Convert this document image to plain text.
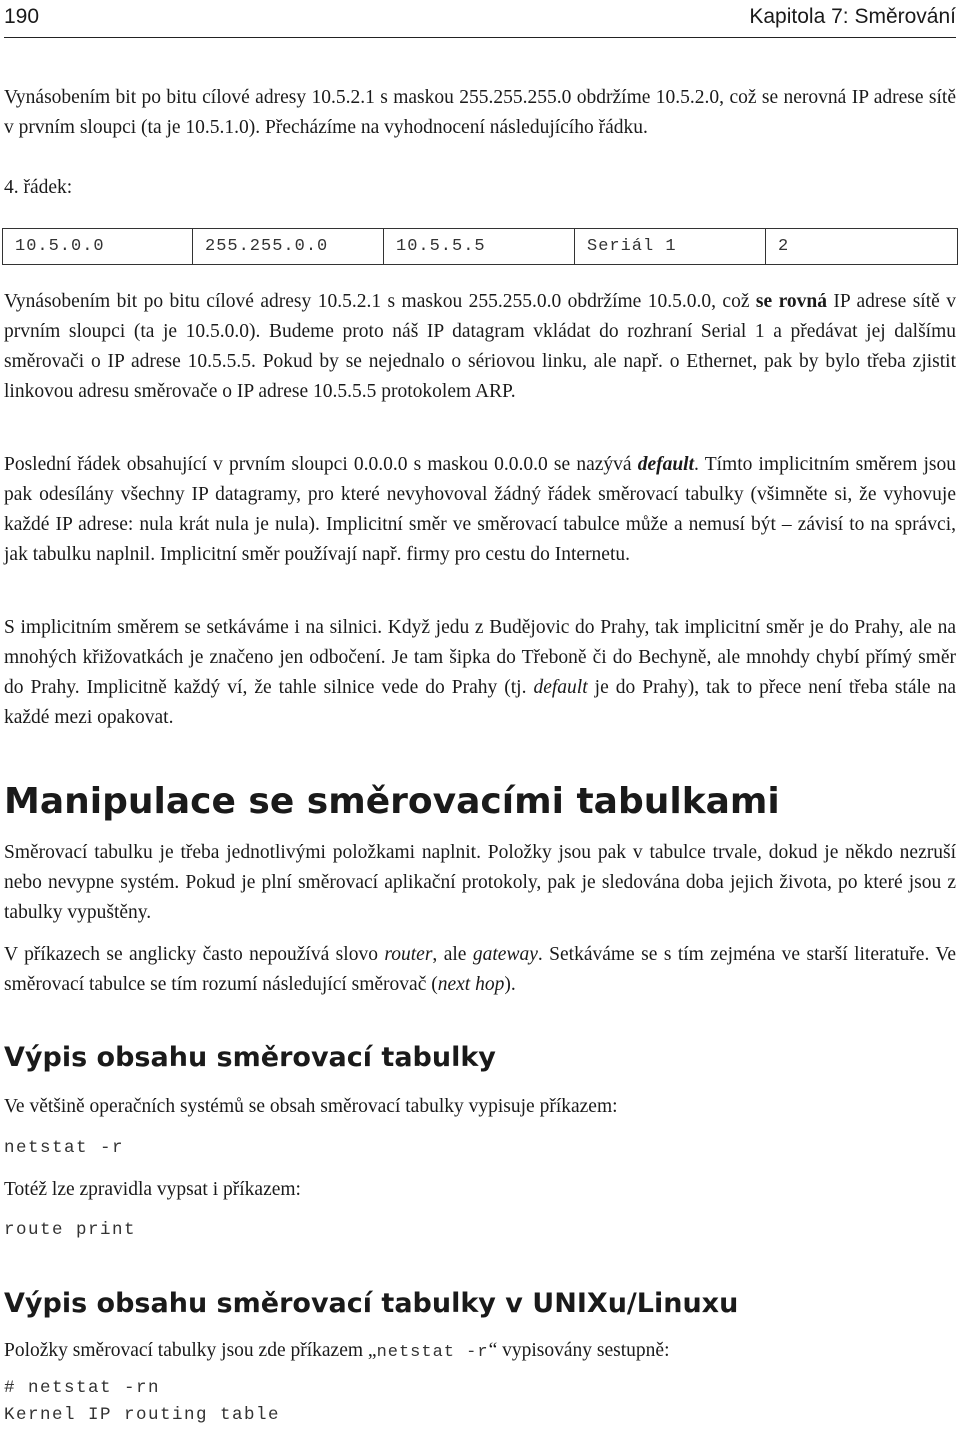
190	Kapitola 7: Směrování

Vynásobením bit po bitu cílové adresy 10.5.2.1 s maskou 255.255.255.0 obdržíme 10.5.2.0, což se nerovná IP adrese sítě v prvním sloupci (ta je 10.5.1.0). Přecházíme na vyhodnocení následujícího řádku.

4. řádek:

10.5.0.0	255.255.0.0	10.5.5.5	Seriál 1	2

Vynásobením bit po bitu cílové adresy 10.5.2.1 s maskou 255.255.0.0 obdržíme 10.5.0.0, což se rovná IP adrese sítě v prvním sloupci (ta je 10.5.0.0). Budeme proto náš IP datagram vkládat do rozhraní Serial 1 a předávat jej dalšímu směrovači o IP adrese 10.5.5.5. Pokud by se nejednalo o sériovou linku, ale např. o Ethernet, pak by bylo třeba zjistit linkovou adresu směrovače o IP adrese 10.5.5.5 protokolem ARP.

Poslední řádek obsahující v prvním sloupci 0.0.0.0 s maskou 0.0.0.0 se nazývá default. Tímto implicitním směrem jsou pak odesílány všechny IP datagramy, pro které nevyhovoval žádný řádek směrovací tabulky (všimněte si, že vyhovuje každé IP adrese: nula krát nula je nula). Implicitní směr ve směrovací tabulce může a nemusí být – závisí to na správci, jak tabulku naplnil. Implicitní směr používají např. firmy pro cestu do Internetu.

S implicitním směrem se setkáváme i na silnici. Když jedu z Budějovic do Prahy, tak implicitní směr je do Prahy, ale na mnohých křižovatkách je značeno jen odbočení. Je tam šipka do Třeboně či do Bechyně, ale mnohdy chybí přímý směr do Prahy. Implicitně každý ví, že tahle silnice vede do Prahy (tj. default je do Prahy), tak to přece není třeba stále na každé mezi opakovat.

Manipulace se směrovacími tabulkami

Směrovací tabulku je třeba jednotlivými položkami naplnit. Položky jsou pak v tabulce trvale, dokud je někdo nezruší nebo nevypne systém. Pokud je plní směrovací aplikační protokoly, pak je sledována doba jejich života, po které jsou z tabulky vypuštěny.

V příkazech se anglicky často nepoužívá slovo router, ale gateway. Setkáváme se s tím zejména ve starší literatuře. Ve směrovací tabulce se tím rozumí následující směrovač (next hop).

Výpis obsahu směrovací tabulky

Ve většině operačních systémů se obsah směrovací tabulky vypisuje příkazem:

netstat -r

Totéž lze zpravidla vypsat i příkazem:

route print
Výpis obsahu směrovací tabulky v UNIXu/Linuxu

Položky směrovací tabulky jsou zde příkazem „netstat -r“ vypisovány sestupně:

# netstat -rn
Kernel IP routing table
